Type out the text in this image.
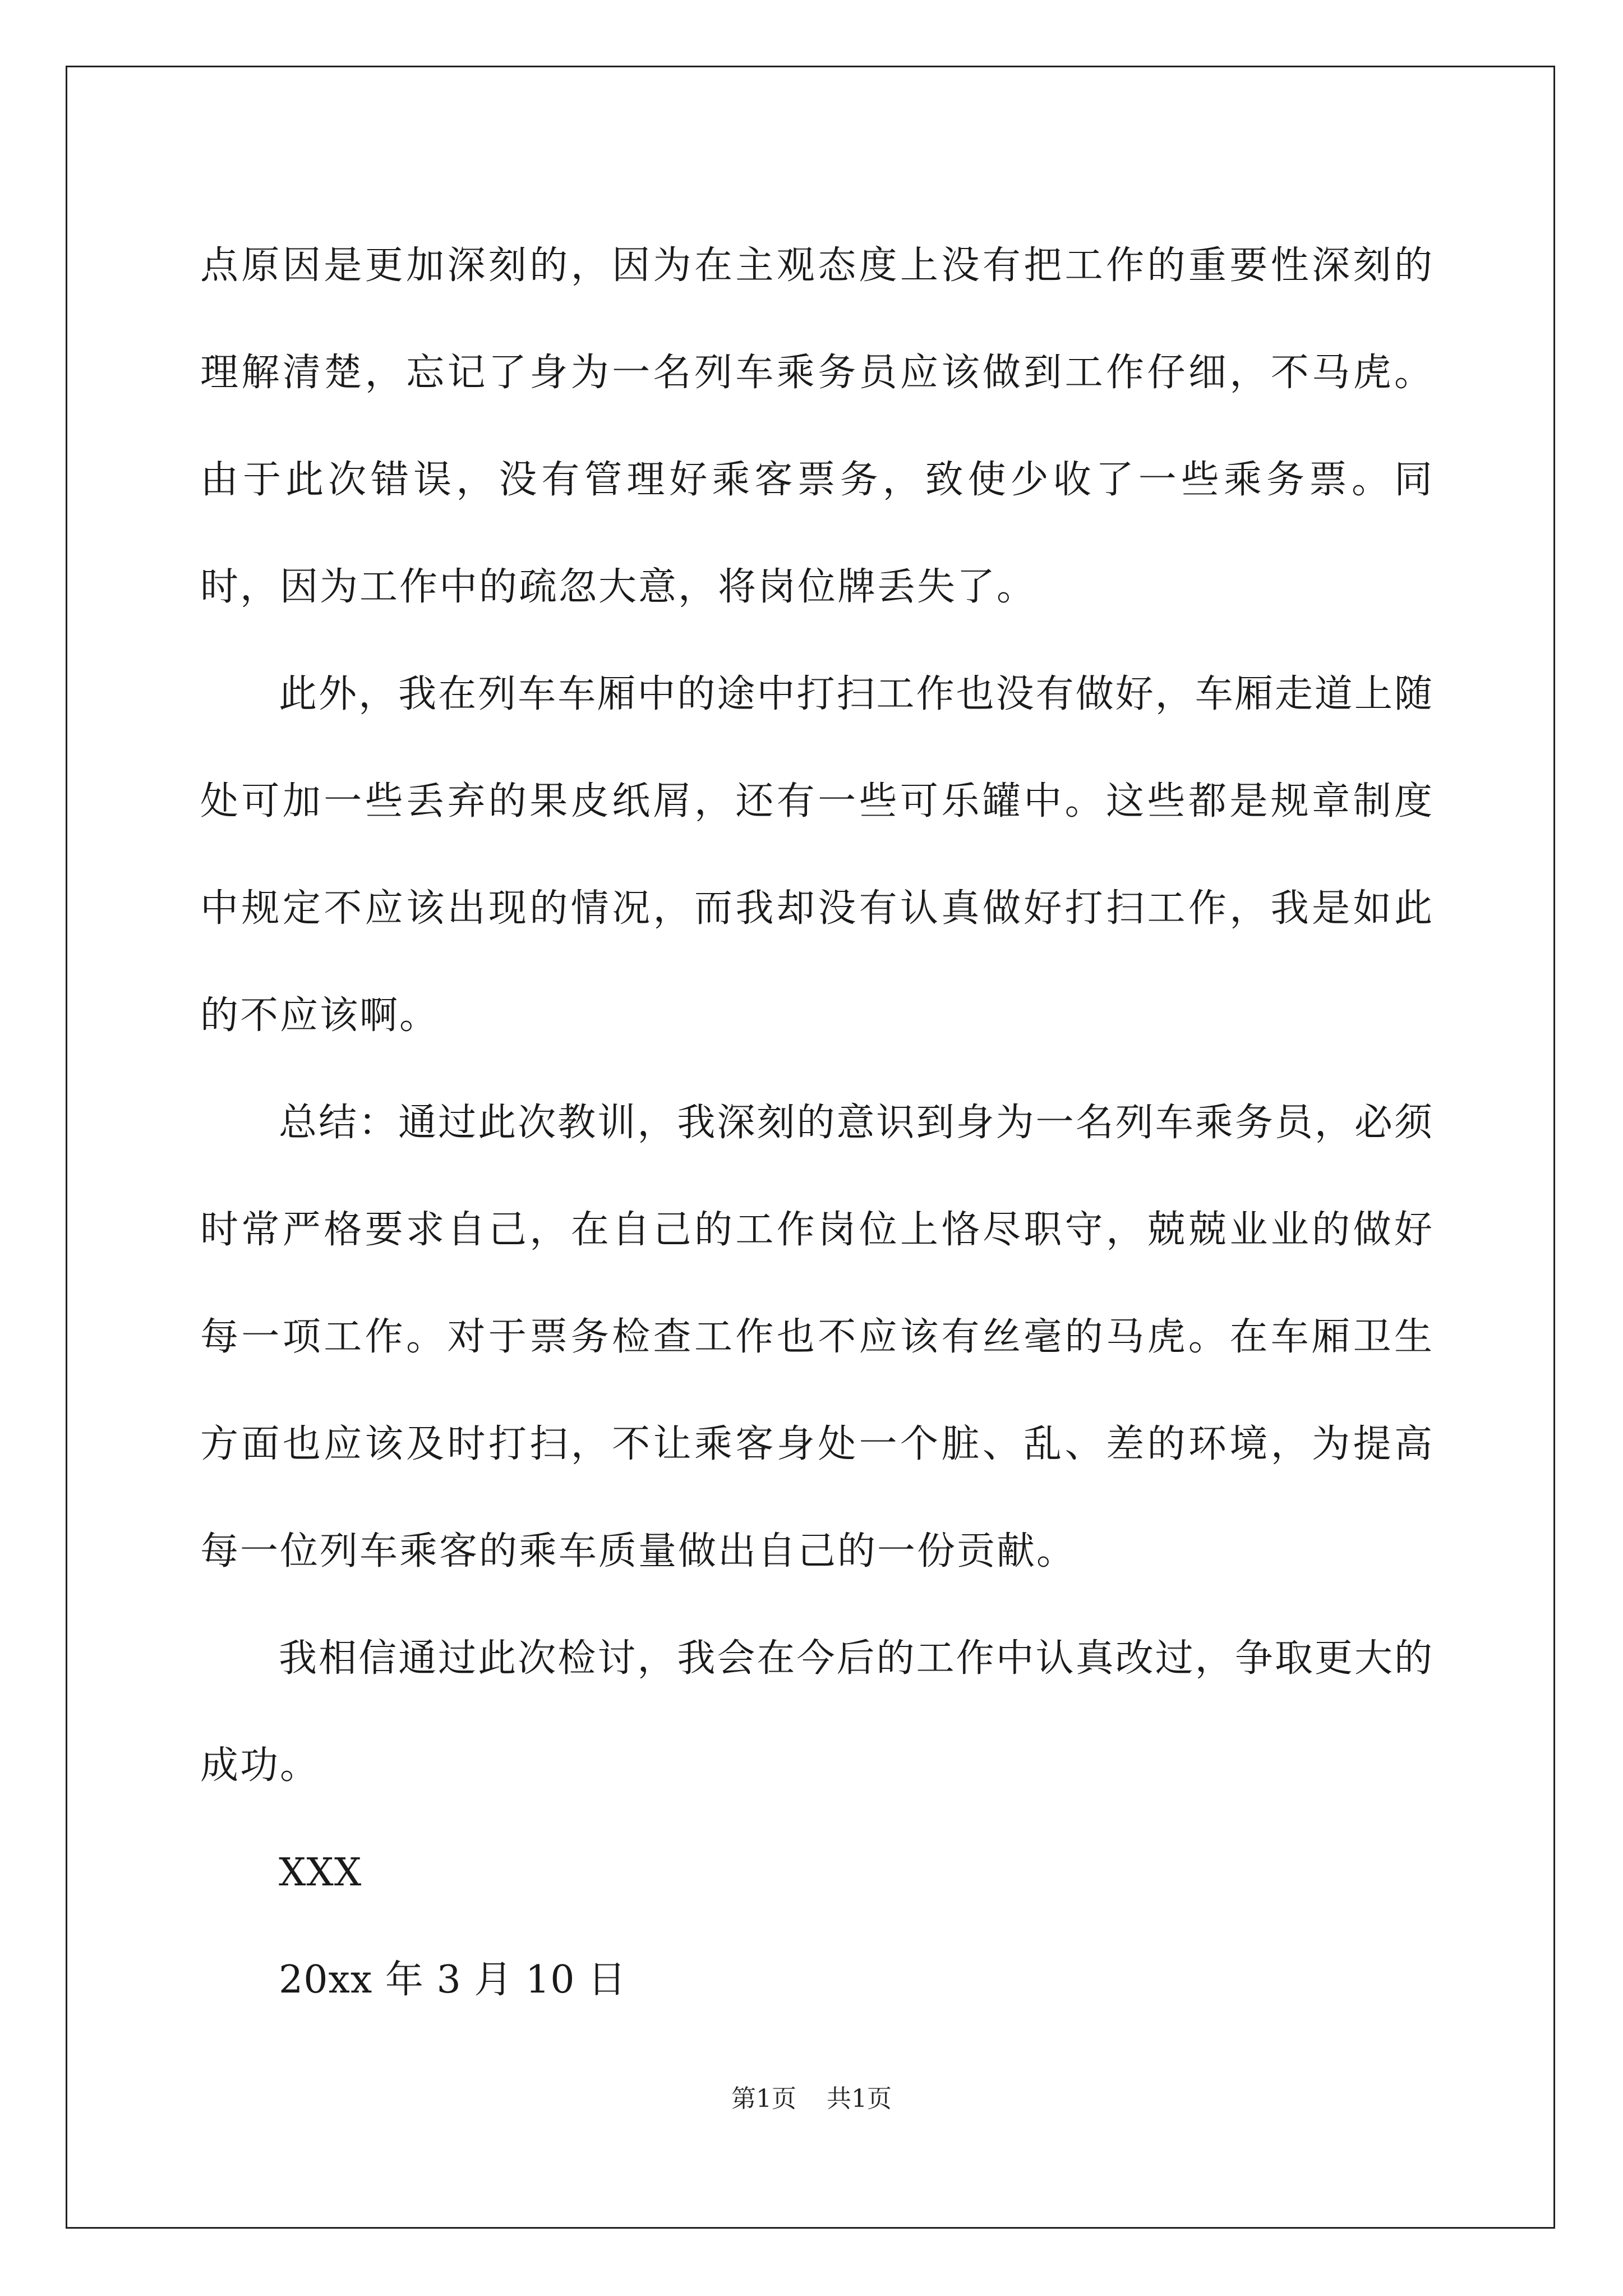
点原因是更加深刻的，因为在主观态度上没有把工作的重要性深刻的理解清楚，忘记了身为一名列车乘务员应该做到工作仔细，不马虎。由于此次错误，没有管理好乘客票务，致使少收了一些乘务票。同时，因为工作中的疏忽大意，将岗位牌丢失了。

此外，我在列车车厢中的途中打扫工作也没有做好，车厢走道上随处可加一些丢弃的果皮纸屑，还有一些可乐罐中。这些都是规章制度中规定不应该出现的情况，而我却没有认真做好打扫工作，我是如此的不应该啊。

总结：通过此次教训，我深刻的意识到身为一名列车乘务员，必须时常严格要求自己，在自己的工作岗位上恪尽职守，兢兢业业的做好每一项工作。对于票务检查工作也不应该有丝毫的马虎。在车厢卫生方面也应该及时打扫，不让乘客身处一个脏、乱、差的环境，为提高每一位列车乘客的乘车质量做出自己的一份贡献。

我相信通过此次检讨，我会在今后的工作中认真改过，争取更大的成功。

XXX

20xx 年 3 月 10 日

第1页 共1页
